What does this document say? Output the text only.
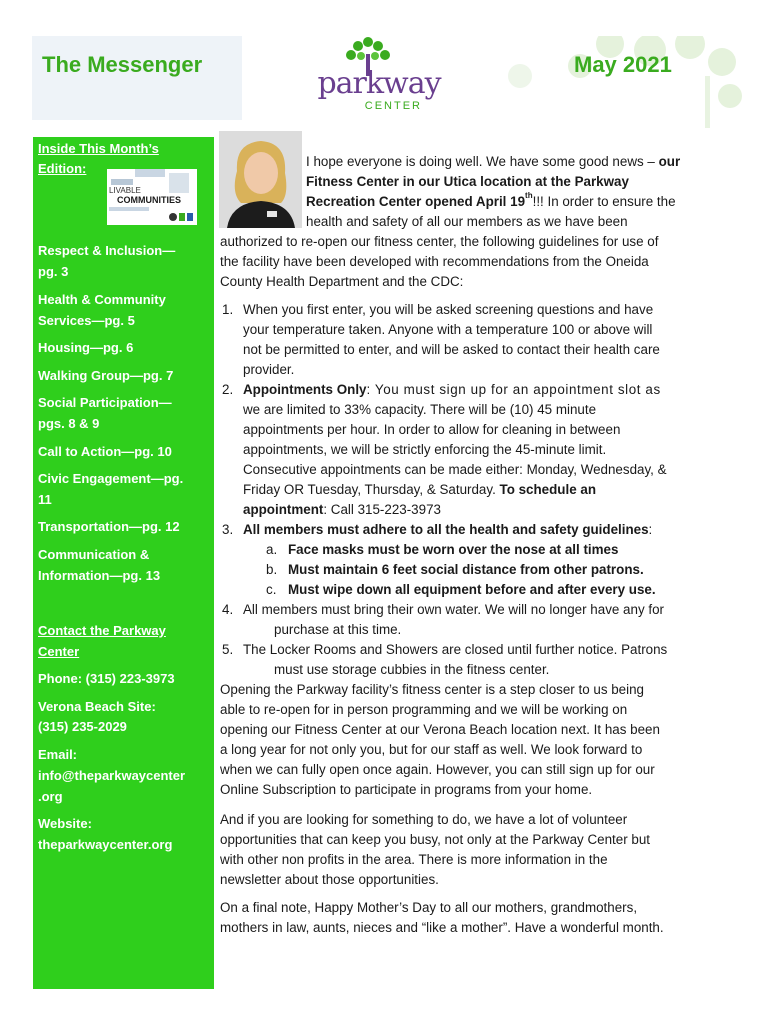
The Messenger
parkway
CENTER
May 2021
Inside This Month’s
Edition:
LIVABLE
COMMUNITIES
Respect & Inclusion—
pg. 3
Health & Community
Services—pg. 5
Housing—pg. 6
Walking Group—pg. 7
Social Participation—
pgs. 8 & 9
Call to Action—pg. 10
Civic Engagement—pg.
11
Transportation—pg. 12
Communication &
Information—pg. 13
Contact the Parkway
Center
Phone: (315) 223-3973
Verona Beach Site:
(315) 235-2029
Email:
info@theparkwaycenter
.org
Website:
theparkwaycenter.org
I hope everyone is doing well. We have some good news – our
Fitness Center in our Utica location at the Parkway
Recreation Center opened April 19th!!! In order to ensure the
health and safety of all our members as we have been
authorized to re-open our fitness center, the following guidelines for use of
the facility have been developed with recommendations from the Oneida
County Health Department and the CDC:
1. When you first enter, you will be asked screening questions and have
your temperature taken. Anyone with a temperature 100 or above will
not be permitted to enter, and will be asked to contact their health care
provider.
2. Appointments Only: You must sign up for an appointment slot as
we are limited to 33% capacity. There will be (10) 45 minute
appointments per hour. In order to allow for cleaning in between
appointments, we will be strictly enforcing the 45-minute limit.
Consecutive appointments can be made either: Monday, Wednesday, &
Friday OR Tuesday, Thursday, & Saturday. To schedule an
appointment: Call 315-223-3973
3. All members must adhere to all the health and safety guidelines:
a. Face masks must be worn over the nose at all times
b. Must maintain 6 feet social distance from other patrons.
c. Must wipe down all equipment before and after every use.
4. All members must bring their own water. We will no longer have any for
purchase at this time.
5. The Locker Rooms and Showers are closed until further notice. Patrons
must use storage cubbies in the fitness center.
Opening the Parkway facility’s fitness center is a step closer to us being
able to re-open for in person programming and we will be working on
opening our Fitness Center at our Verona Beach location next. It has been
a long year for not only you, but for our staff as well. We look forward to
when we can fully open once again. However, you can still sign up for our
Online Subscription to participate in programs from your home.
And if you are looking for something to do, we have a lot of volunteer
opportunities that can keep you busy, not only at the Parkway Center but
with other non profits in the area. There is more information in the
newsletter about those opportunities.
On a final note, Happy Mother’s Day to all our mothers, grandmothers,
mothers in law, aunts, nieces and “like a mother”. Have a wonderful month.
